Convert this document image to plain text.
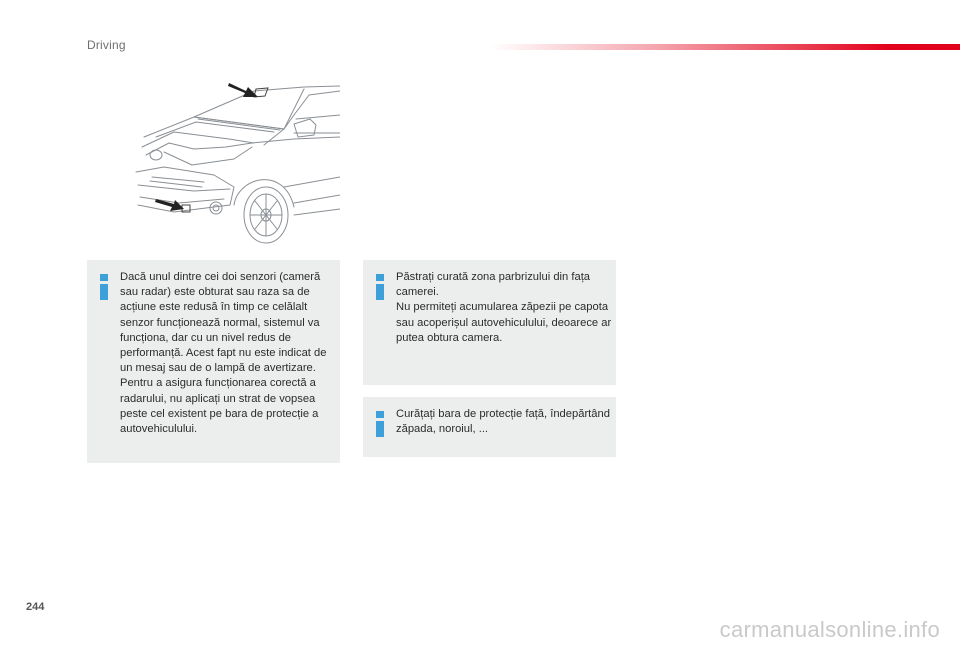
Driving
Dacă unul dintre cei doi senzori (cameră sau radar) este obturat sau raza sa de acțiune este redusă în timp ce celălalt senzor funcționează normal, sistemul va funcționa, dar cu un nivel redus de performanță. Acest fapt nu este indicat de un mesaj sau de o lampă de avertizare.
Pentru a asigura funcționarea corectă a radarului, nu aplicați un strat de vopsea peste cel existent pe bara de protecție a autovehiculului.
Păstrați curată zona parbrizului din fața camerei.
Nu permiteți acumularea zăpezii pe capota sau acoperișul autovehiculului, deoarece ar putea obtura camera.
Curățați bara de protecție față, îndepărtând zăpada, noroiul, ...
244
carmanualsonline.info
